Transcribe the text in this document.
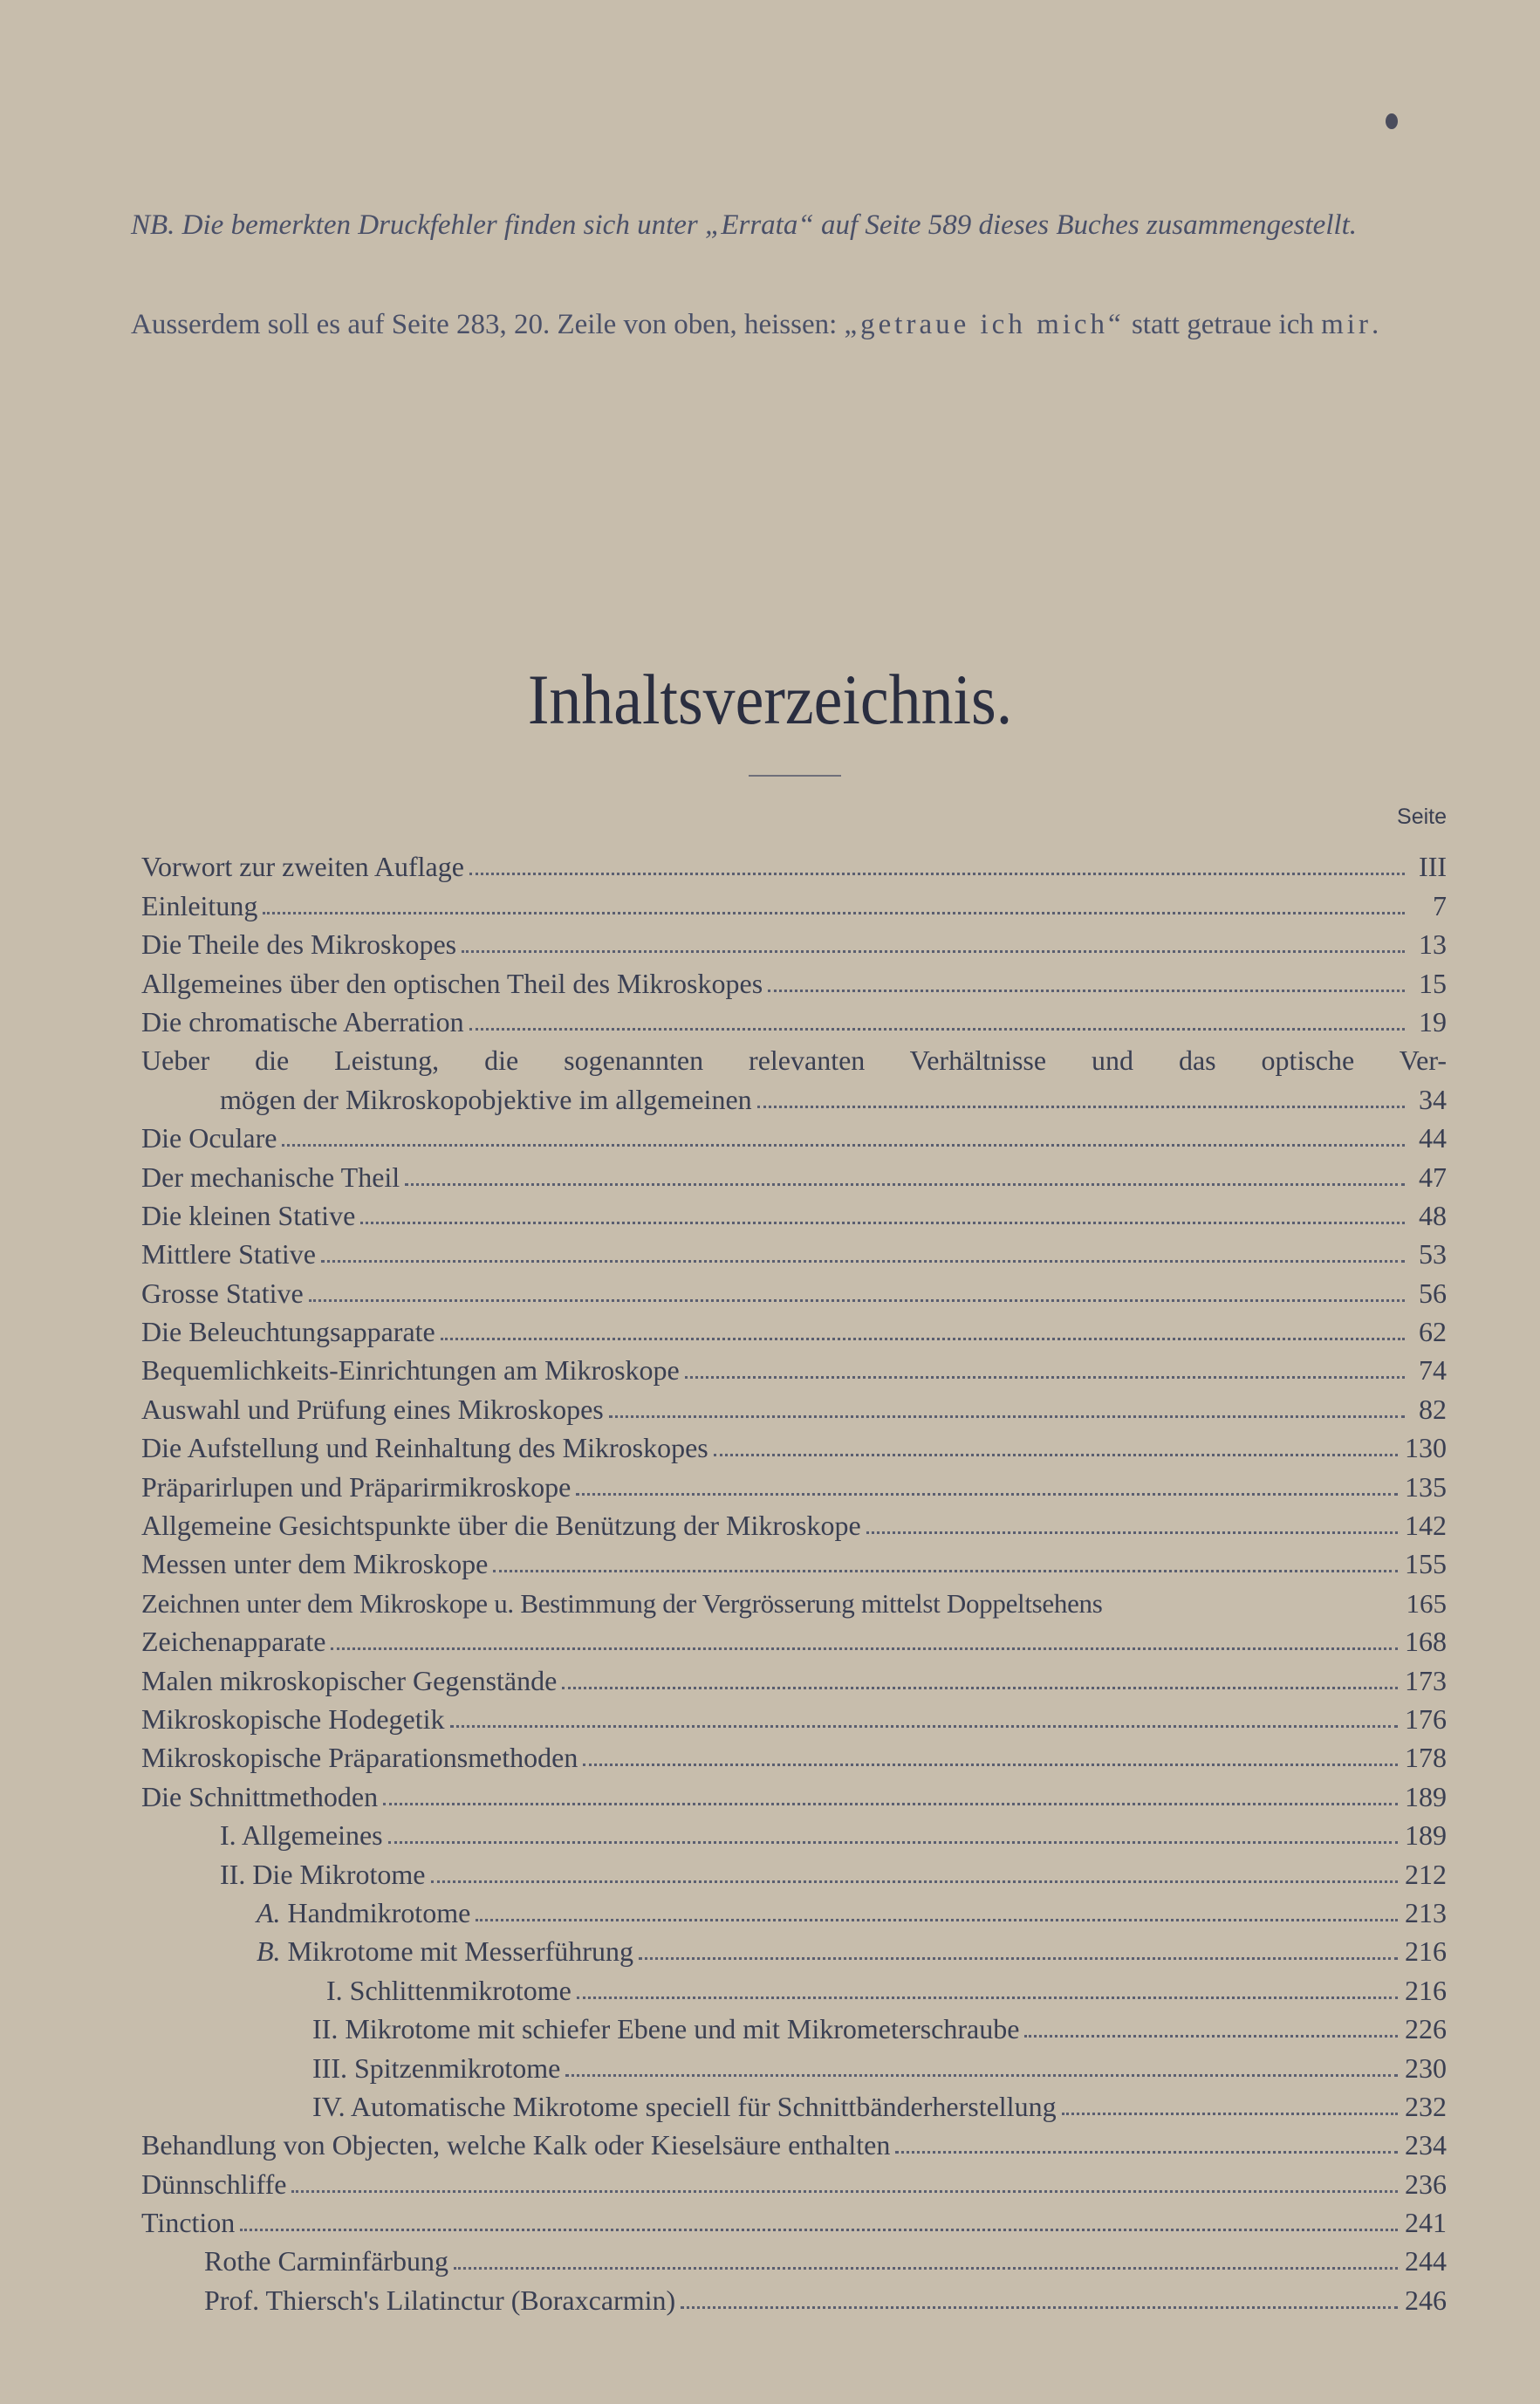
NB. Die bemerkten Druckfehler finden sich unter „Errata“ auf Seite 589 dieses Buches zusammengestellt.
Ausserdem soll es auf Seite 283, 20. Zeile von oben, heissen: „getraue ich mich“ statt getraue ich mir.
Inhaltsverzeichnis.
Seite
Vorwort zur zweiten Auflage	III
Einleitung	7
Die Theile des Mikroskopes	13
Allgemeines über den optischen Theil des Mikroskopes	15
Die chromatische Aberration	19
Ueber die Leistung, die sogenannten relevanten Verhältnisse und das optische Ver-
mögen der Mikroskopobjektive im allgemeinen	34
Die Oculare	44
Der mechanische Theil	47
Die kleinen Stative	48
Mittlere Stative	53
Grosse Stative	56
Die Beleuchtungsapparate	62
Bequemlichkeits-Einrichtungen am Mikroskope	74
Auswahl und Prüfung eines Mikroskopes	82
Die Aufstellung und Reinhaltung des Mikroskopes	130
Präparirlupen und Präparirmikroskope	135
Allgemeine Gesichtspunkte über die Benützung der Mikroskope	142
Messen unter dem Mikroskope	155
Zeichnen unter dem Mikroskope u. Bestimmung der Vergrösserung mittelst Doppeltsehens	165
Zeichenapparate	168
Malen mikroskopischer Gegenstände	173
Mikroskopische Hodegetik	176
Mikroskopische Präparationsmethoden	178
Die Schnittmethoden	189
I. Allgemeines	189
II. Die Mikrotome	212
A. Handmikrotome	213
B. Mikrotome mit Messerführung	216
I. Schlittenmikrotome	216
II. Mikrotome mit schiefer Ebene und mit Mikrometerschraube	226
III. Spitzenmikrotome	230
IV. Automatische Mikrotome speciell für Schnittbänderherstellung	232
Behandlung von Objecten, welche Kalk oder Kieselsäure enthalten	234
Dünnschliffe	236
Tinction	241
Rothe Carminfärbung	244
Prof. Thiersch's Lilatinctur (Boraxcarmin)	246
